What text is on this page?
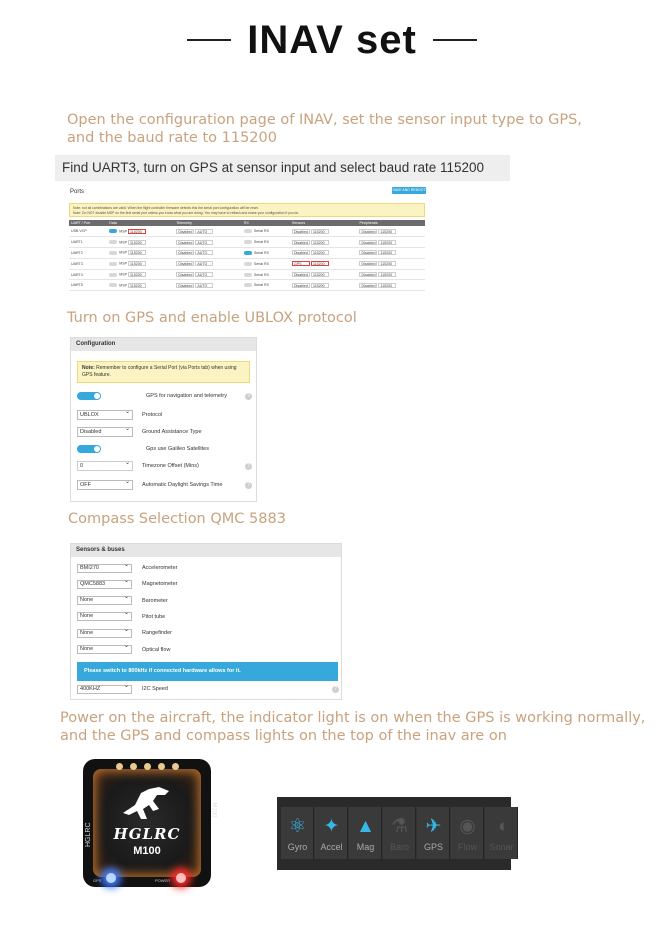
INAV set
Open the configuration page of INAV, set the sensor input type to GPS,
and the baud rate to 115200
Find UART3, turn on GPS at sensor input and select baud rate 115200
Ports	SAVE AND REBOOT
Note: not all combinations are valid. When the flight controller firmware detects this the serial port configuration will be reset.
Note: Do NOT disable MSP on the first serial port unless you know what you are doing. You may have to reflash and erase your configuration if you do.
UART / Port	Data	Telemetry	RX	Sensors	Peripherals
USB VCP	MSP 115200	Disabled AUTO	Serial RX	Disabled 115200	Disabled 115200
UART1	MSP 115200	Disabled AUTO	Serial RX	Disabled 115200	Disabled 115200
UART2	MSP 115200	Disabled AUTO	Serial RX	Disabled 115200	Disabled 115200
UART3	MSP 115200	Disabled AUTO	Serial RX	GPS 115200	Disabled 115200
UART4	MSP 115200	Disabled AUTO	Serial RX	Disabled 115200	Disabled 115200
UART5	MSP 115200	Disabled AUTO	Serial RX	Disabled 115200	Disabled 115200
Turn on GPS and enable UBLOX protocol
Configuration
Note: Remember to configure a Serial Port (via Ports tab) when using GPS feature.
GPS for navigation and telemetry	?
UBLOX ⌄	Protocol
Disabled ⌄	Ground Assistance Type
Gps use Galileo Satellites
0 ⌄	Timezone Offset (Mins)	?
OFF ⌄	Automatic Daylight Savings Time	?
Compass Selection QMC 5883
Sensors & buses
BMI270 ⌄	Accelerometer
QMC5883 ⌄	Magnetometer
None ⌄	Barometer
None ⌄	Pitot tube
None ⌄	Rangefinder
None ⌄	Optical flow
Please switch to 800kHz if connected hardware allows for it.
400KHZ ⌄	I2C Speed	?
Power on the aircraft, the indicator light is on when the GPS is working normally,
and the GPS and compass lights on the top of the inav are on
HGLRC
M100
HGLRC
M100
GPS	POWER
⚛
Gyro
✦
Accel
▲
Mag
⚗
Baro
✈
GPS
◉
Flow
◖
Sonar
